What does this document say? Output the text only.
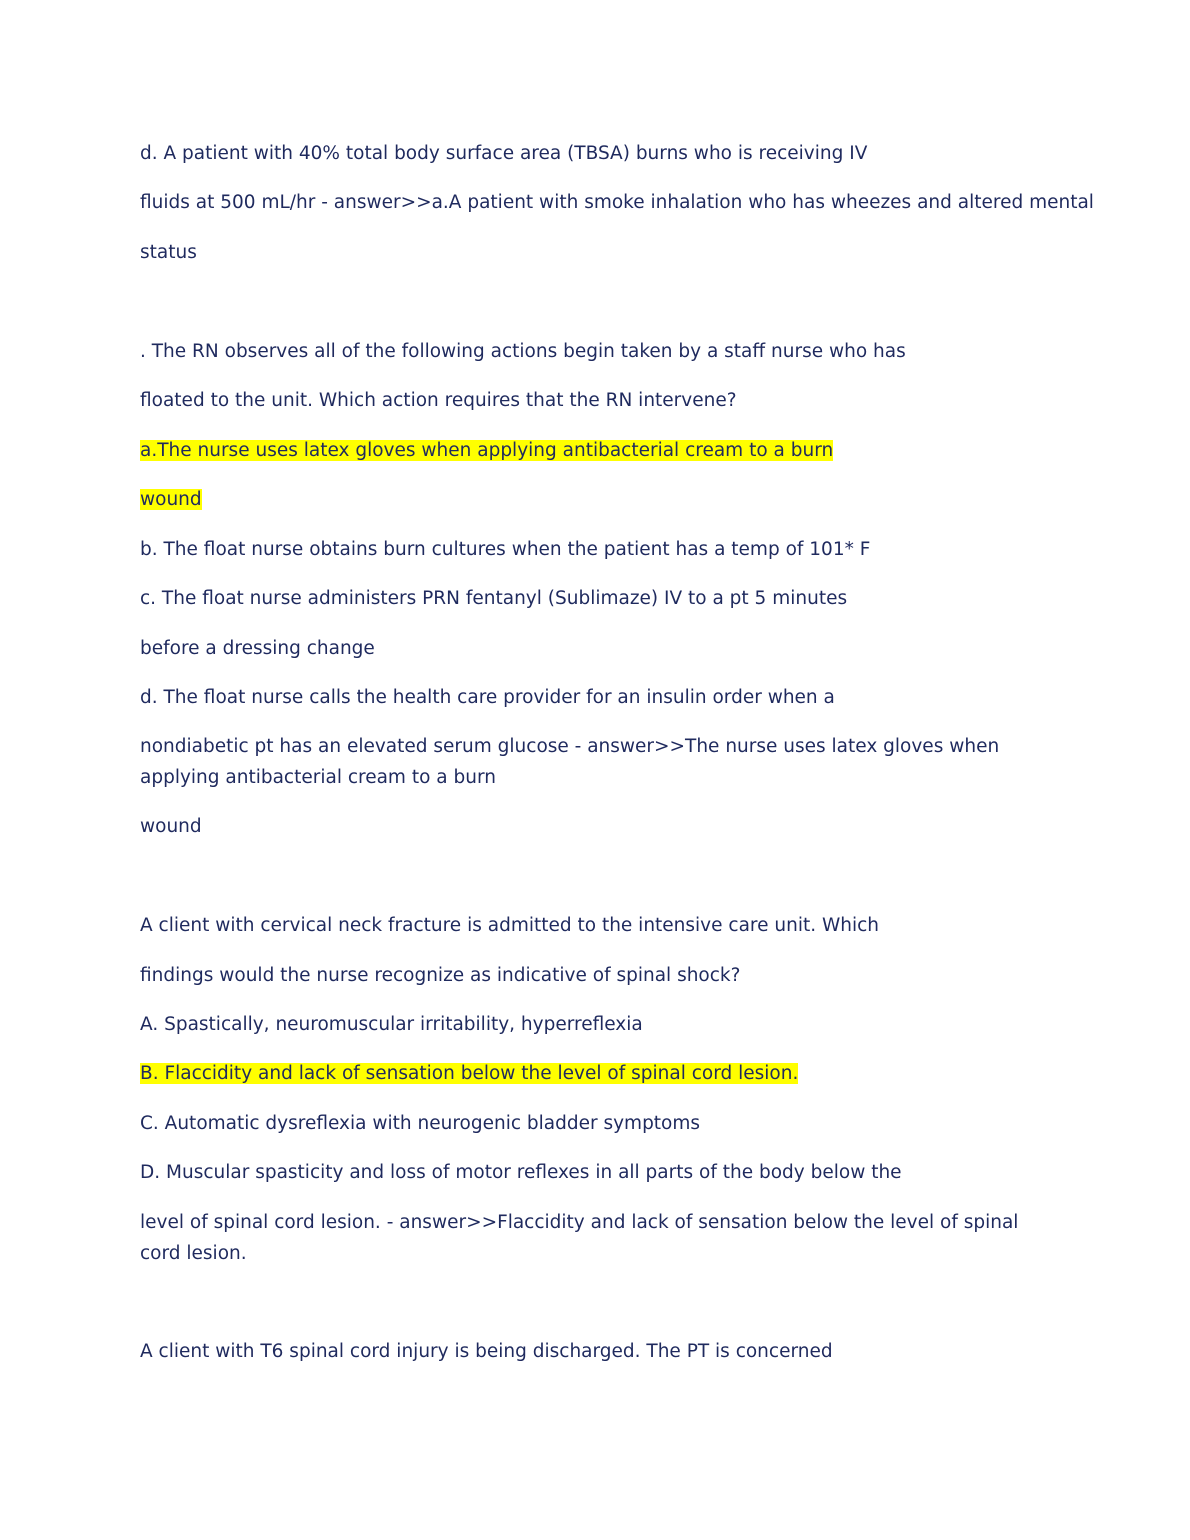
d. A patient with 40% total body surface area (TBSA) burns who is receiving IV

fluids at 500 mL/hr - answer>>a.A patient with smoke inhalation who has wheezes and altered mental

status

. The RN observes all of the following actions begin taken by a staff nurse who has

floated to the unit. Which action requires that the RN intervene?

a.The nurse uses latex gloves when applying antibacterial cream to a burn

wound

b. The float nurse obtains burn cultures when the patient has a temp of 101* F

c. The float nurse administers PRN fentanyl (Sublimaze) IV to a pt 5 minutes

before a dressing change

d. The float nurse calls the health care provider for an insulin order when a

nondiabetic pt has an elevated serum glucose - answer>>The nurse uses latex gloves when applying antibacterial cream to a burn

wound

A client with cervical neck fracture is admitted to the intensive care unit. Which

findings would the nurse recognize as indicative of spinal shock?

A. Spastically, neuromuscular irritability, hyperreflexia

B. Flaccidity and lack of sensation below the level of spinal cord lesion.

C. Automatic dysreflexia with neurogenic bladder symptoms

D. Muscular spasticity and loss of motor reflexes in all parts of the body below the

level of spinal cord lesion. - answer>>Flaccidity and lack of sensation below the level of spinal cord lesion.

A client with T6 spinal cord injury is being discharged. The PT is concerned
